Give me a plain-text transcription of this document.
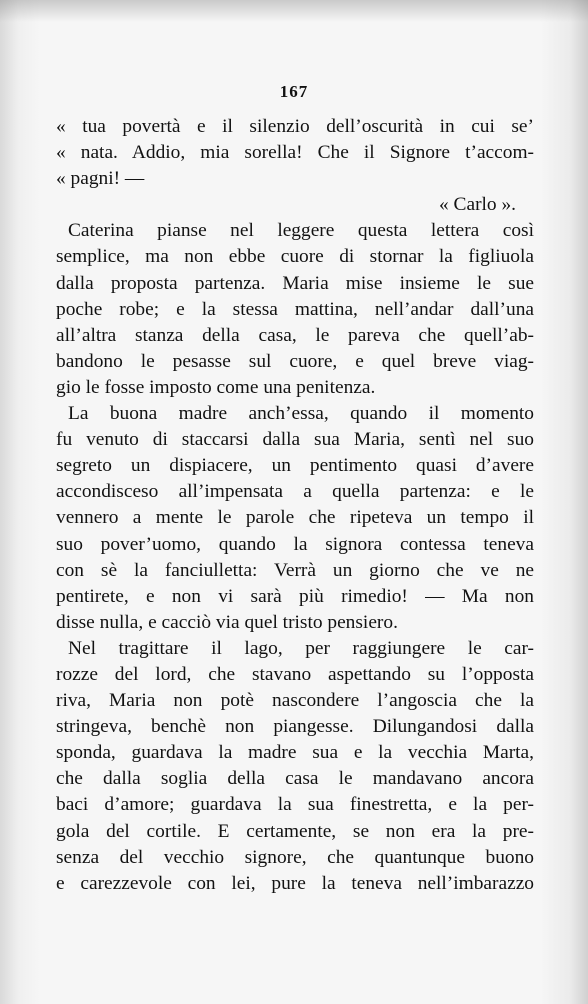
167
« tua povertà e il silenzio dell’oscurità in cui se’
« nata. Addio, mia sorella! Che il Signore t’accom-
« pagni! —
« Carlo ».
Caterina pianse nel leggere questa lettera così
semplice, ma non ebbe cuore di stornar la figliuola
dalla proposta partenza. Maria mise insieme le sue
poche robe; e la stessa mattina, nell’andar dall’una
all’altra stanza della casa, le pareva che quell’ab-
bandono le pesasse sul cuore, e quel breve viag-
gio le fosse imposto come una penitenza.
La buona madre anch’essa, quando il momento
fu venuto di staccarsi dalla sua Maria, sentì nel suo
segreto un dispiacere, un pentimento quasi d’avere
accondisceso all’impensata a quella partenza: e le
vennero a mente le parole che ripeteva un tempo il
suo pover’uomo, quando la signora contessa teneva
con sè la fanciulletta: Verrà un giorno che ve ne
pentirete, e non vi sarà più rimedio! — Ma non
disse nulla, e cacciò via quel tristo pensiero.
Nel tragittare il lago, per raggiungere le car-
rozze del lord, che stavano aspettando su l’opposta
riva, Maria non potè nascondere l’angoscia che la
stringeva, benchè non piangesse. Dilungandosi dalla
sponda, guardava la madre sua e la vecchia Marta,
che dalla soglia della casa le mandavano ancora
baci d’amore; guardava la sua finestretta, e la per-
gola del cortile. E certamente, se non era la pre-
senza del vecchio signore, che quantunque buono
e carezzevole con lei, pure la teneva nell’imbarazzo
